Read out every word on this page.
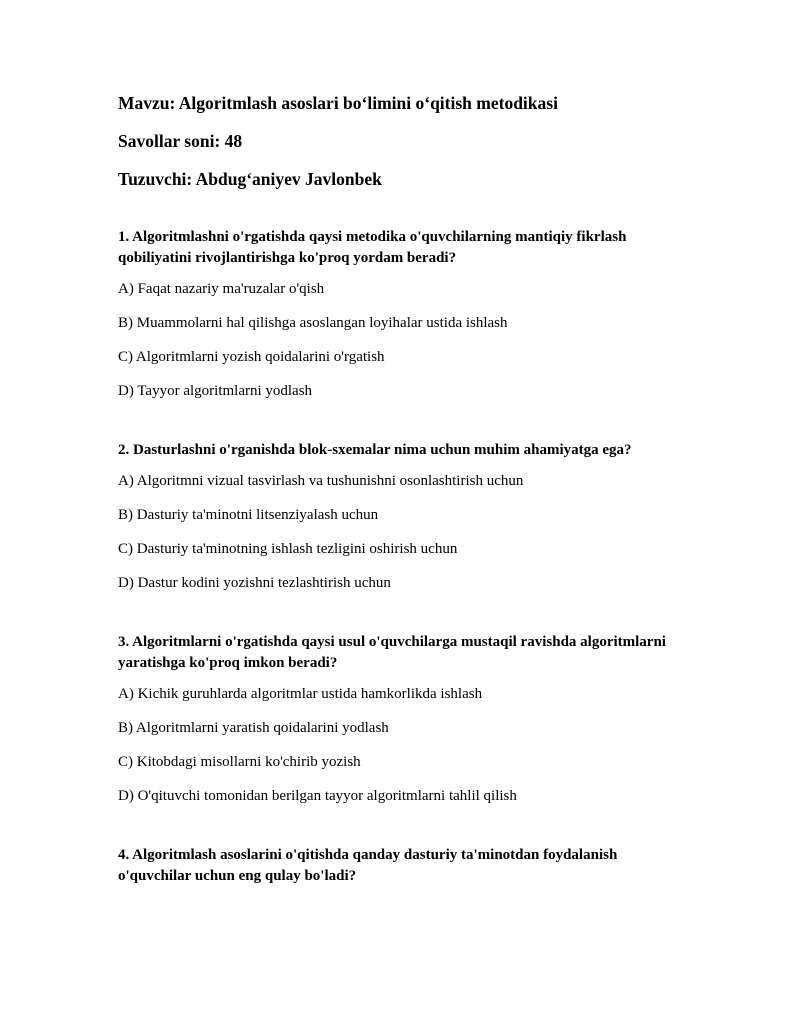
Mavzu: Algoritmlash asoslari bo‘limini o‘qitish metodikasi

Savollar soni: 48

Tuzuvchi: Abdug‘aniyev Javlonbek

1. Algoritmlashni o'rgatishda qaysi metodika o'quvchilarning mantiqiy fikrlash qobiliyatini rivojlantirishga ko'proq yordam beradi?

A) Faqat nazariy ma'ruzalar o'qish

B) Muammolarni hal qilishga asoslangan loyihalar ustida ishlash

C) Algoritmlarni yozish qoidalarini o'rgatish

D) Tayyor algoritmlarni yodlash

2. Dasturlashni o'rganishda blok-sxemalar nima uchun muhim ahamiyatga ega?

A) Algoritmni vizual tasvirlash va tushunishni osonlashtirish uchun

B) Dasturiy ta'minotni litsenziyalash uchun

C) Dasturiy ta'minotning ishlash tezligini oshirish uchun

D) Dastur kodini yozishni tezlashtirish uchun

3. Algoritmlarni o'rgatishda qaysi usul o'quvchilarga mustaqil ravishda algoritmlarni yaratishga ko'proq imkon beradi?

A) Kichik guruhlarda algoritmlar ustida hamkorlikda ishlash

B) Algoritmlarni yaratish qoidalarini yodlash

C) Kitobdagi misollarni ko'chirib yozish

D) O'qituvchi tomonidan berilgan tayyor algoritmlarni tahlil qilish

4. Algoritmlash asoslarini o'qitishda qanday dasturiy ta'minotdan foydalanish o'quvchilar uchun eng qulay bo'ladi?
